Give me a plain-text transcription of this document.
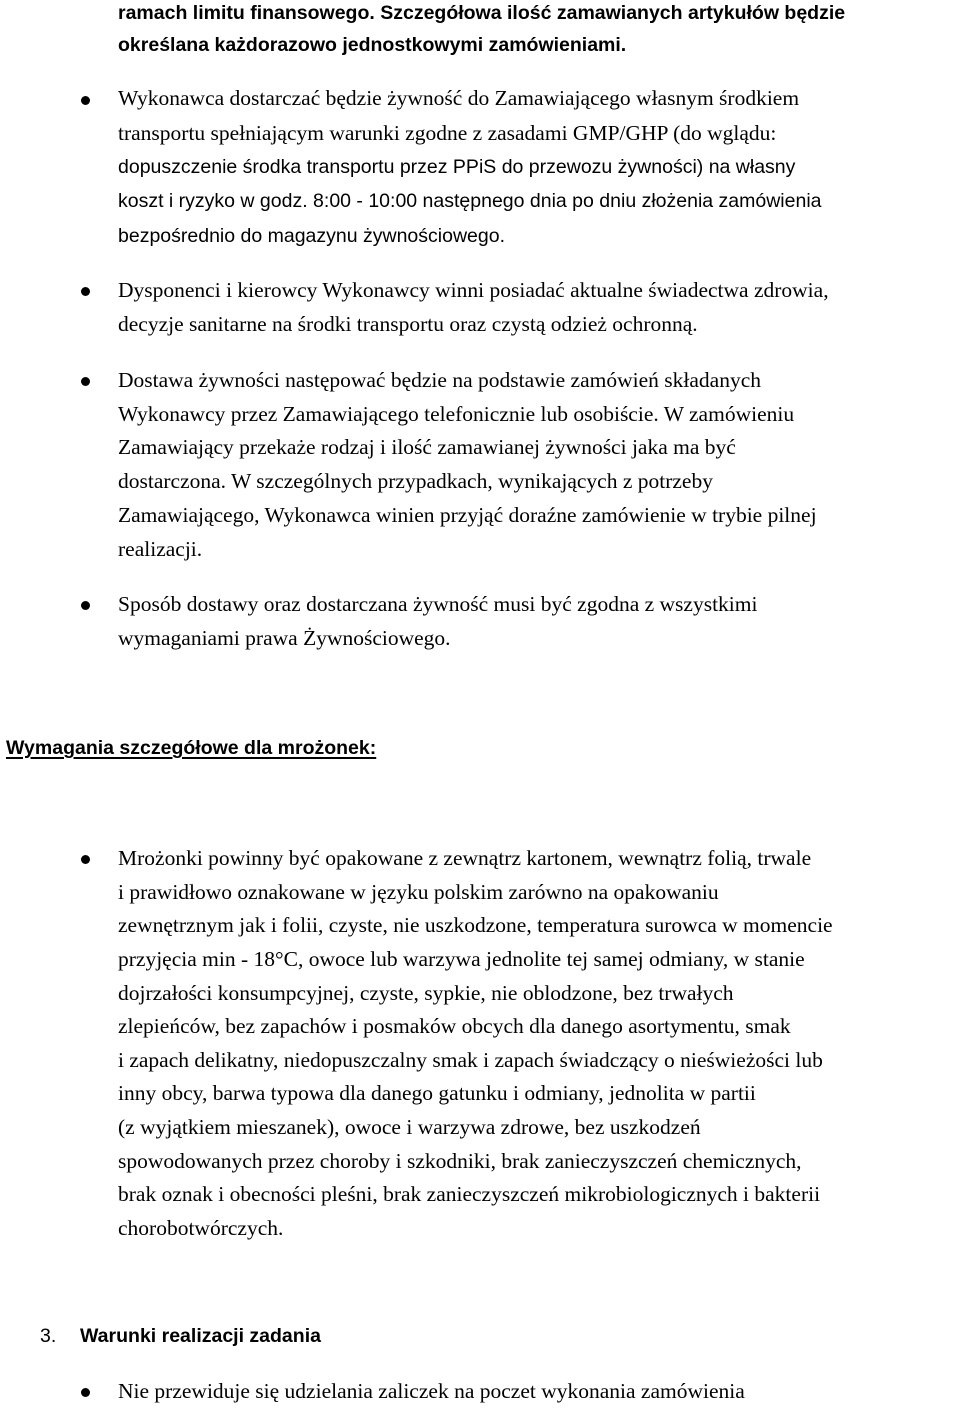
ramach limitu finansowego. Szczegółowa ilość zamawianych artykułów będzie
określana każdorazowo jednostkowymi zamówieniami.
Wykonawca dostarczać będzie żywność do Zamawiającego własnym środkiem
transportu spełniającym warunki zgodne z zasadami GMP/GHP (do wglądu:
dopuszczenie środka transportu przez PPiS do przewozu żywności) na własny
koszt i ryzyko w godz. 8:00 - 10:00 następnego dnia po dniu złożenia zamówienia
bezpośrednio do magazynu żywnościowego.
Dysponenci i kierowcy Wykonawcy winni posiadać aktualne świadectwa zdrowia,
decyzje sanitarne na środki transportu oraz czystą odzież ochronną.
Dostawa żywności następować będzie na podstawie zamówień składanych
Wykonawcy przez Zamawiającego telefonicznie lub osobiście. W zamówieniu
Zamawiający przekaże rodzaj i ilość zamawianej żywności jaka ma być
dostarczona. W szczególnych przypadkach, wynikających z potrzeby
Zamawiającego, Wykonawca winien przyjąć doraźne zamówienie w trybie pilnej
realizacji.
Sposób dostawy oraz dostarczana żywność musi być zgodna z wszystkimi
wymaganiami prawa Żywnościowego.
Wymagania szczegółowe dla mrożonek:
Mrożonki powinny być opakowane z zewnątrz kartonem, wewnątrz folią, trwale
i prawidłowo oznakowane w języku polskim zarówno na opakowaniu
zewnętrznym jak i folii, czyste, nie uszkodzone, temperatura surowca w momencie
przyjęcia min - 18°C, owoce lub warzywa jednolite tej samej odmiany, w stanie
dojrzałości konsumpcyjnej, czyste, sypkie, nie oblodzone, bez trwałych
zlepieńców, bez zapachów i posmaków obcych dla danego asortymentu, smak
i zapach delikatny, niedopuszczalny smak i zapach świadczący o nieświeżości lub
inny obcy, barwa typowa dla danego gatunku i odmiany, jednolita w partii
(z wyjątkiem mieszanek), owoce i warzywa zdrowe, bez uszkodzeń
spowodowanych przez choroby i szkodniki, brak zanieczyszczeń chemicznych,
brak oznak i obecności pleśni, brak zanieczyszczeń mikrobiologicznych i bakterii
chorobotwórczych.
3. Warunki realizacji zadania
Nie przewiduje się udzielania zaliczek na poczet wykonania zamówienia
